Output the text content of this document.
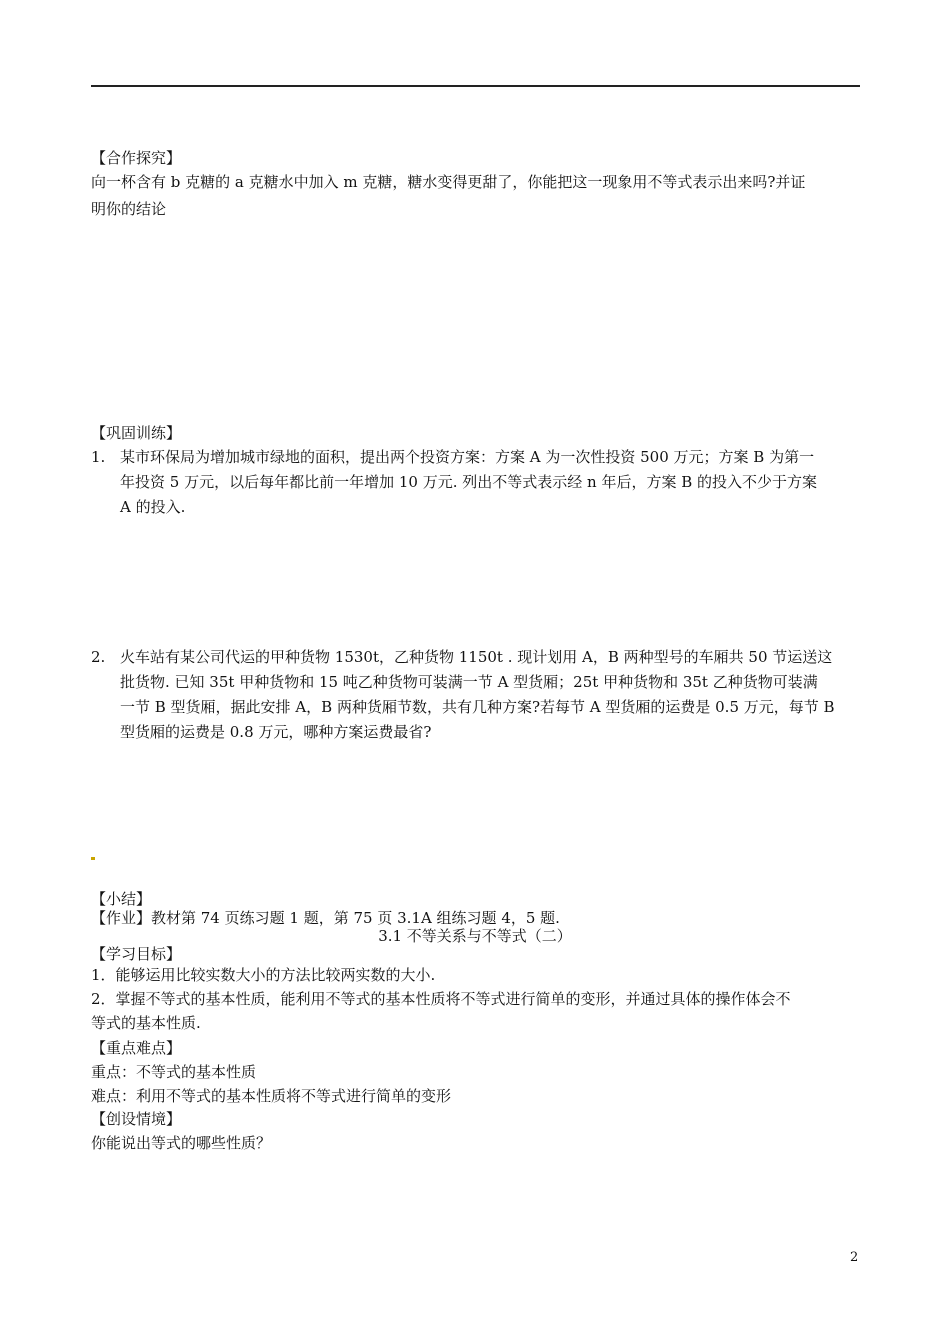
【合作探究】
向一杯含有 b 克糖的 a 克糖水中加入 m 克糖，糖水变得更甜了，你能把这一现象用不等式表示出来吗?并证
明你的结论
【巩固训练】
1. 某市环保局为增加城市绿地的面积，提出两个投资方案：方案 A 为一次性投资 500 万元；方案 B 为第一
年投资 5 万元，以后每年都比前一年增加 10 万元. 列出不等式表示经 n 年后，方案 B 的投入不少于方案
A 的投入.
2. 火车站有某公司代运的甲种货物 1530t，乙种货物 1150t . 现计划用 A，B 两种型号的车厢共 50 节运送这
批货物. 已知 35t 甲种货物和 15 吨乙种货物可装满一节 A 型货厢；25t 甲种货物和 35t 乙种货物可装满
一节 B 型货厢，据此安排 A，B 两种货厢节数，共有几种方案?若每节 A 型货厢的运费是 0.5 万元，每节 B
型货厢的运费是 0.8 万元，哪种方案运费最省?
【小结】
【作业】教材第 74 页练习题 1 题，第 75 页 3.1A 组练习题 4，5 题.
3.1 不等关系与不等式（二）
【学习目标】
1．能够运用比较实数大小的方法比较两实数的大小.
2．掌握不等式的基本性质，能利用不等式的基本性质将不等式进行简单的变形，并通过具体的操作体会不
等式的基本性质.
【重点难点】
重点：不等式的基本性质
难点：利用不等式的基本性质将不等式进行简单的变形
【创设情境】
你能说出等式的哪些性质？
2
